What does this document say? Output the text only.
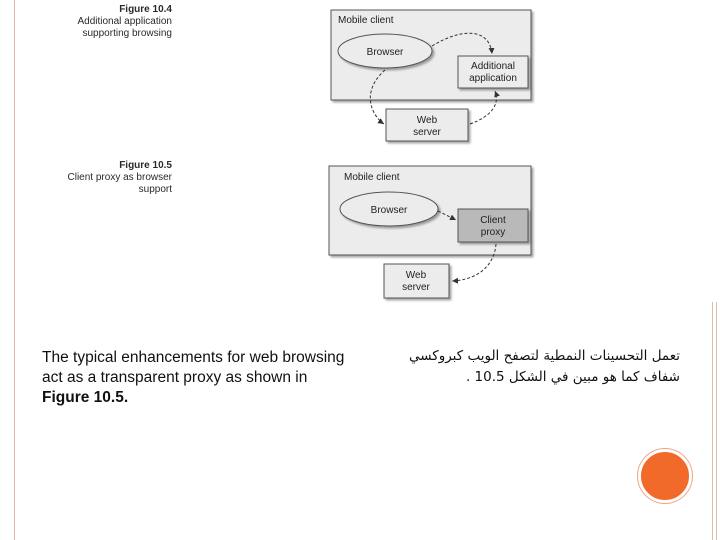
Figure 10.4
Additional application
supporting browsing
Figure 10.5
Client proxy as browser
support
Mobile client
Browser
Additional
application
Web
server
Mobile client
Browser
Client
proxy
Web
server
The typical enhancements for web browsing
act as a transparent proxy as shown in
Figure 10.5.
تعمل التحسينات النمطية لتصفح الويب كبروكسي
شفاف كما هو مبين في الشكل 10.5 .
